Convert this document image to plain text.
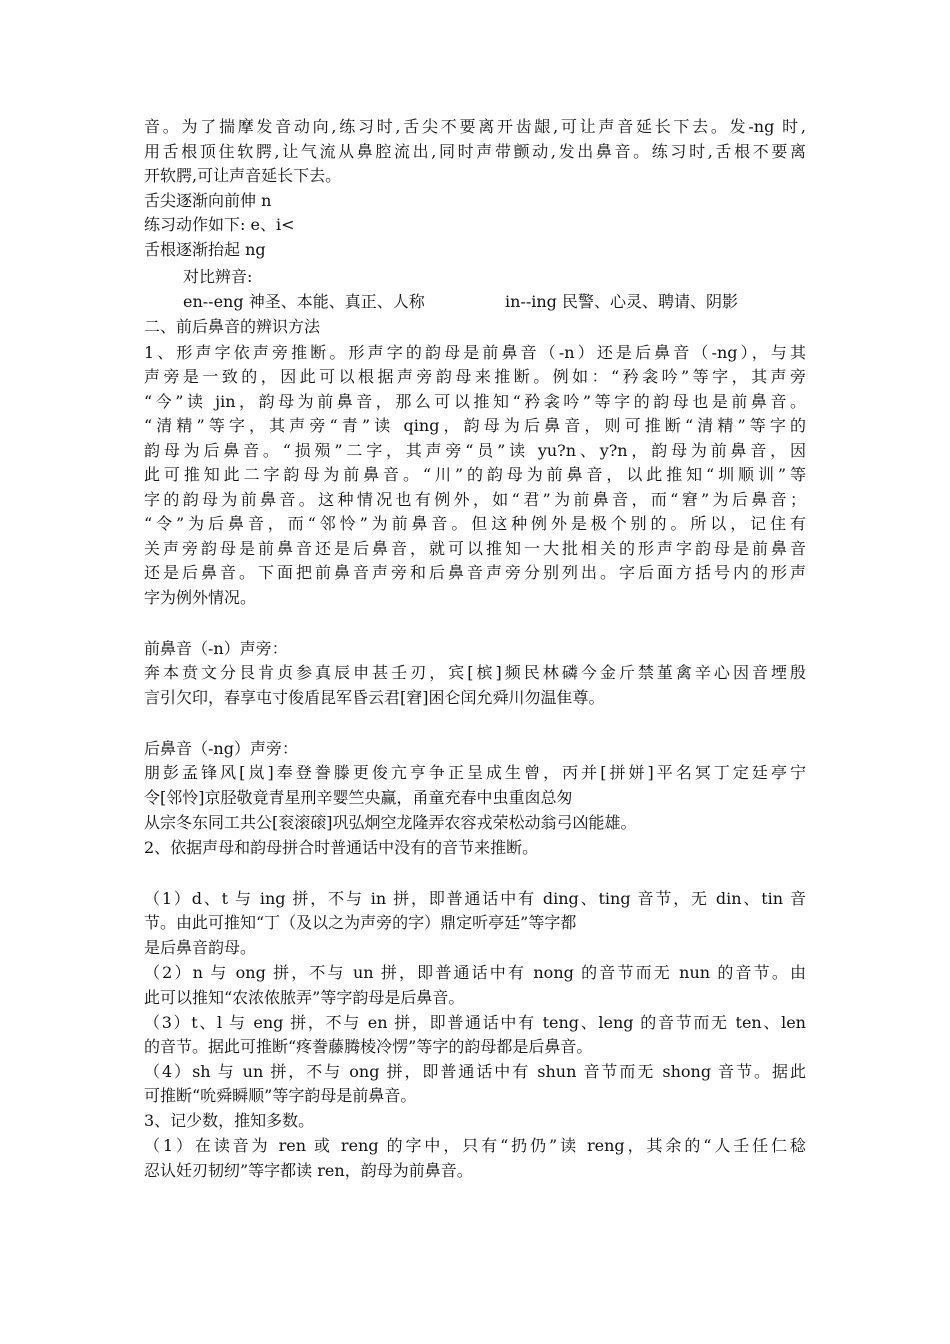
音。为了揣摩发音动向,练习时,舌尖不要离开齿龈,可让声音延长下去。发-ng 时,
用舌根顶住软腭,让气流从鼻腔流出,同时声带颤动,发出鼻音。练习时,舌根不要离
开软腭,可让声音延长下去。
舌尖逐渐向前伸 n
练习动作如下: e、i<
舌根逐渐抬起 ng
对比辨音:
en--eng 神圣、本能、真正、人称	in--ing 民警、心灵、聘请、阴影
二、前后鼻音的辨识方法
1、形声字依声旁推断。形声字的韵母是前鼻音（-n）还是后鼻音（-ng），与其
声旁是一致的，因此可以根据声旁韵母来推断。例如：“矜衾吟”等字，其声旁
“今”读 jin，韵母为前鼻音，那么可以推知“矜衾吟”等字的韵母也是前鼻音。
“清精”等字，其声旁“青”读 qing，韵母为后鼻音，则可推断“清精”等字的
韵母为后鼻音。“损殒”二字，其声旁“员”读 yu?n、y?n，韵母为前鼻音，因
此可推知此二字韵母为前鼻音。“川”的韵母为前鼻音，以此推知“圳顺训”等
字的韵母为前鼻音。这种情况也有例外，如“君”为前鼻音，而“窘”为后鼻音；
“令”为后鼻音，而“邻怜”为前鼻音。但这种例外是极个别的。所以，记住有
关声旁韵母是前鼻音还是后鼻音，就可以推知一大批相关的形声字韵母是前鼻音
还是后鼻音。下面把前鼻音声旁和后鼻音声旁分别列出。字后面方括号内的形声
字为例外情况。
前鼻音（-n）声旁：
奔本贲文分艮肯贞参真辰申甚壬刃，宾[槟]频民林磷今金斤禁堇禽辛心因音堙殷
言引欠印，春享屯寸俊盾昆军昏云君[窘]困仑闰允舜川勿温隹尊。
后鼻音（-ng）声旁：
朋彭孟锋风[岚]奉登誊滕更俊亢亨争正呈成生曾，丙并[拼姘]平名冥丁定廷亭宁
令[邻怜]京胫敬竟青星刑辛婴竺央赢，甬童充春中虫重囱总匆
从宗冬东同工共公[衮滚磙]巩弘炯空龙隆弄农容戎荣松动翁弓凶能雄。
2、依据声母和韵母拼合时普通话中没有的音节来推断。
（1）d、t 与 ing 拼，不与 in 拼，即普通话中有 ding、ting 音节，无 din、tin 音
节。由此可推知“丁（及以之为声旁的字）鼎定听亭廷”等字都
是后鼻音韵母。
（2）n 与 ong 拼，不与 un 拼，即普通话中有 nong 的音节而无 nun 的音节。由
此可以推知“农浓侬脓弄”等字韵母是后鼻音。
（3）t、l 与 eng 拼，不与 en 拼，即普通话中有 teng、leng 的音节而无 ten、len
的音节。据此可推断“疼誊藤腾棱冷愣”等字的韵母都是后鼻音。
（4）sh 与 un 拼，不与 ong 拼，即普通话中有 shun 音节而无 shong 音节。据此
可推断“吮舜瞬顺”等字韵母是前鼻音。
3、记少数，推知多数。
（1）在读音为 ren 或 reng 的字中，只有“扔仍”读 reng，其余的“人壬任仁稔
忍认妊刃韧纫”等字都读 ren，韵母为前鼻音。
